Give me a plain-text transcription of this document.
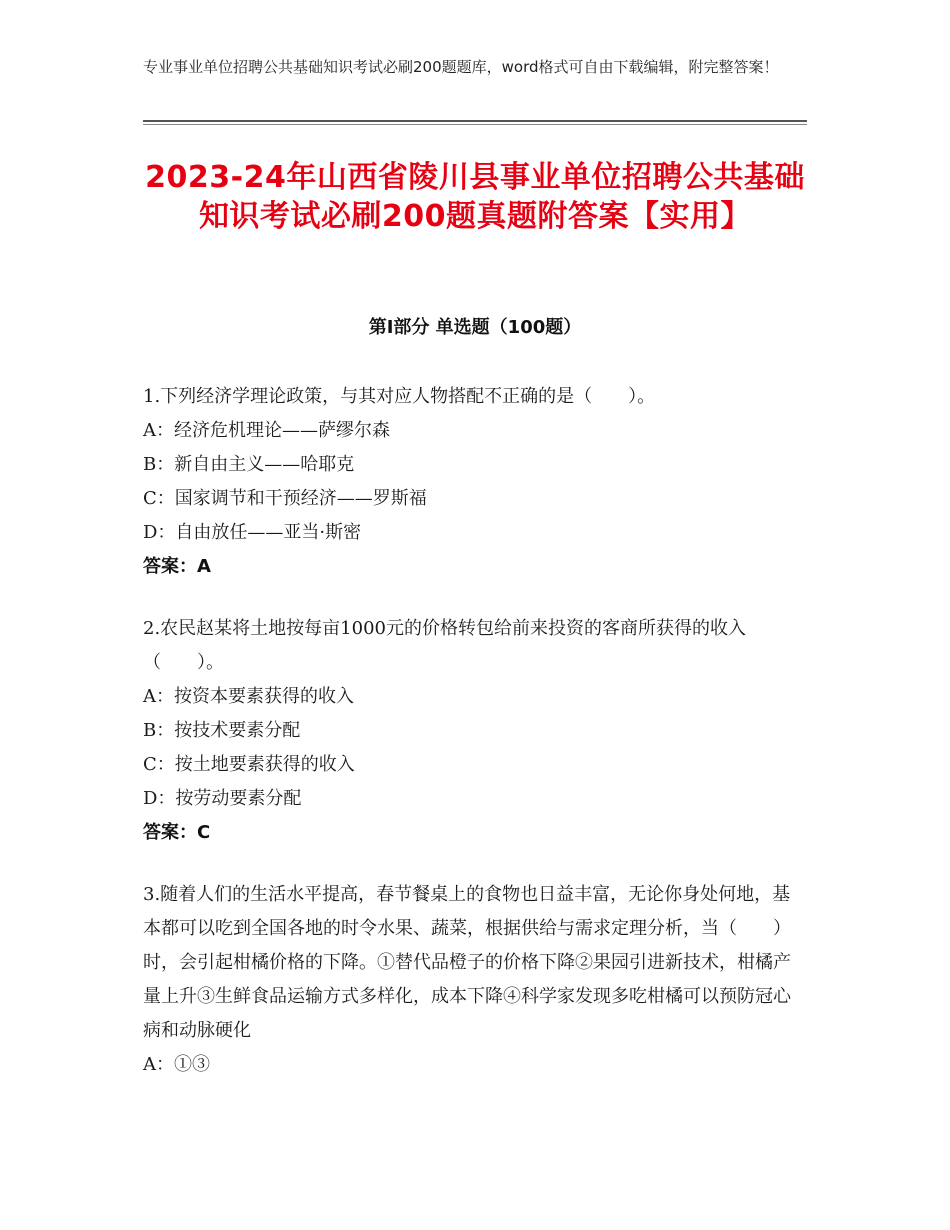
专业事业单位招聘公共基础知识考试必刷200题题库，word格式可自由下载编辑，附完整答案！
2023-24年山西省陵川县事业单位招聘公共基础知识考试必刷200题真题附答案【实用】
第Ⅰ部分 单选题（100题）

1.下列经济学理论政策，与其对应人物搭配不正确的是（　　）。

A：经济危机理论——萨缪尔森

B：新自由主义——哈耶克

C：国家调节和干预经济——罗斯福

D：自由放任——亚当·斯密

答案：A

2.农民赵某将土地按每亩1000元的价格转包给前来投资的客商所获得的收入（　　）。

A：按资本要素获得的收入

B：按技术要素分配

C：按土地要素获得的收入

D：按劳动要素分配

答案：C

3.随着人们的生活水平提高，春节餐桌上的食物也日益丰富，无论你身处何地，基本都可以吃到全国各地的时令水果、蔬菜，根据供给与需求定理分析，当（　　）时，会引起柑橘价格的下降。①替代品橙子的价格下降②果园引进新技术，柑橘产量上升③生鲜食品运输方式多样化，成本下降④科学家发现多吃柑橘可以预防冠心病和动脉硬化

A：①③
